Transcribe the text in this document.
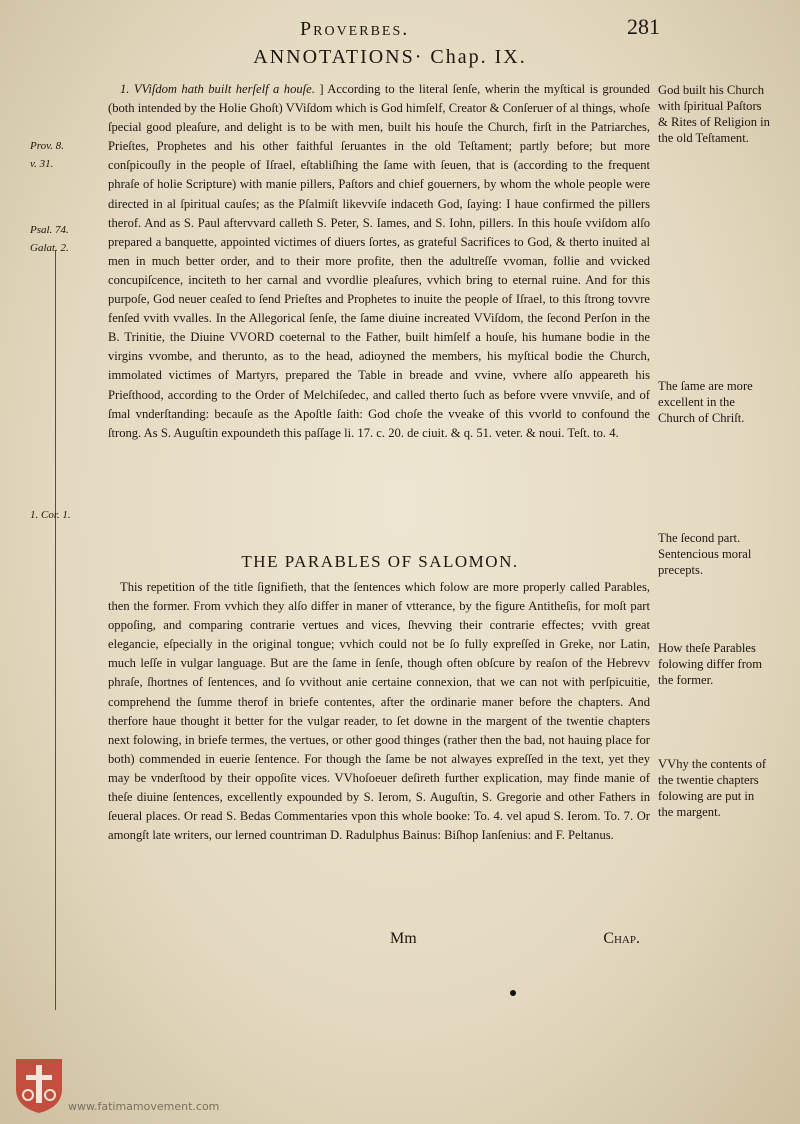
Proverbes.	281
ANNOTATIONS· Chap. IX.

1. VViſdom hath built herſelf a houſe. ] According to the literal ſenſe, wherin the myſtical is grounded (both intended by the Holie Ghoſt) VViſdom which is God himſelf, Creator & Conſeruer of al things, whoſe ſpecial good pleaſure, and delight is to be with men, built his houſe the Church, firſt in the Patriarches, Prieſtes, Prophetes and his other faithful ſeruantes in the old Teſtament; partly before; but more conſpicouſly in the people of Iſrael, eſtabliſhing the ſame with ſeuen, that is (according to the frequent phraſe of holie Scripture) with manie pillers, Paſtors and chief gouerners, by whom the whole people were directed in al ſpiritual cauſes; as the Pſalmiſt likevviſe indaceth God, ſaying: I haue confirmed the pillers therof. And as S. Paul aftervvard calleth S. Peter, S. Iames, and S. Iohn, pillers. In this houſe vviſdom alſo prepared a banquette, appointed victimes of diuers ſortes, as grateful Sacrifices to God, & therto inuited al men in much better order, and to their more profite, then the adultreſſe vvoman, follie and vvicked concupiſcence, inciteth to her carnal and vvordlie pleaſures, vvhich bring to eternal ruine. And for this purpoſe, God neuer ceaſed to ſend Prieſtes and Prophetes to inuite the people of Iſrael, to this ſtrong tovvre fenſed vvith vvalles. In the Allegorical ſenſe, the ſame diuine increated VViſdom, the ſecond Perſon in the B. Trinitie, the Diuine VVORD coeternal to the Father, built himſelf a houſe, his humane bodie in the virgins vvombe, and therunto, as to the head, adioyned the members, his myſtical bodie the Church, immolated victimes of Martyrs, prepared the Table in breade and vvine, vvhere alſo appeareth his Prieſthood, according to the Order of Melchiſedec, and called therto ſuch as before vvere vnvviſe, and of ſmal vnderſtanding: becauſe as the Apoſtle ſaith: God choſe the vveake of this vvorld to confound the ſtrong. As S. Auguſtin expoundeth this paſſage li. 17. c. 20. de ciuit. & q. 51. veter. & noui. Teſt. to. 4.

THE PARABLES OF SALOMON.

This repetition of the title ſignifieth, that the ſentences which folow are more properly called Parables, then the former. From vvhich they alſo differ in maner of vtterance, by the figure Antitheſis, for moſt part oppoſing, and comparing contrarie vertues and vices, ſhevving their contrarie effectes; vvith great elegancie, eſpecially in the original tongue; vvhich could not be ſo fully expreſſed in Greke, nor Latin, much leſſe in vulgar language. But are the ſame in ſenſe, though often obſcure by reaſon of the Hebrevv phraſe, ſhortnes of ſentences, and ſo vvithout anie certaine connexion, that we can not with perſpicuitie, comprehend the ſumme therof in briefe contentes, after the ordinarie maner before the chapters. And therfore haue thought it better for the vulgar reader, to ſet downe in the margent of the twentie chapters next folowing, in briefe termes, the vertues, or other good thinges (rather then the bad, not hauing place for both) commended in euerie ſentence. For though the ſame be not alwayes expreſſed in the text, yet they may be vnderſtood by their oppoſite vices. VVhoſoeuer deſireth further explication, may finde manie of theſe diuine ſentences, excellently expounded by S. Ierom, S. Auguſtin, S. Gregorie and other Fathers in ſeueral places. Or read S. Bedas Commentaries vpon this whole booke: To. 4. vel apud S. Ierom. To. 7. Or amongſt late writers, our lerned countriman D. Radulphus Bainus: Biſhop Ianſenius: and F. Peltanus.

Prov. 8.
v. 31.
Psal. 74.
Galat. 2.
1. Cor. 1.
God built his Church with ſpiritual Paſtors & Rites of Religion in the old Teſtament.
The ſame are more excellent in the Church of Chriſt.
The ſecond part. Sentencious moral precepts.
How theſe Parables folowing differ from the former.
VVhy the contents of the twentie chapters folowing are put in the margent.
Mm	Chap.
www.fatimamovement.com
